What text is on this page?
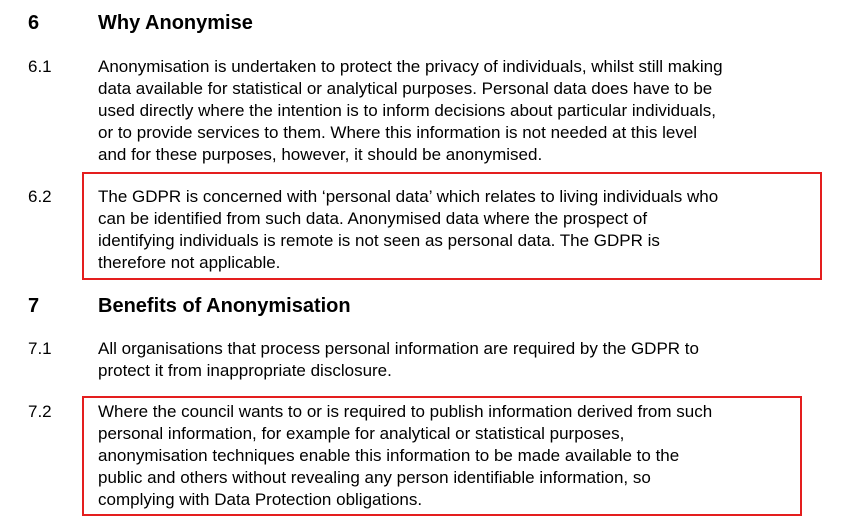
6	Why Anonymise
6.1	Anonymisation is undertaken to protect the privacy of individuals, whilst still making
data available for statistical or analytical purposes. Personal data does have to be
used directly where the intention is to inform decisions about particular individuals,
or to provide services to them. Where this information is not needed at this level
and for these purposes, however, it should be anonymised.
6.2	The GDPR is concerned with ‘personal data’ which relates to living individuals who
can be identified from such data. Anonymised data where the prospect of
identifying individuals is remote is not seen as personal data. The GDPR is
therefore not applicable.
7	Benefits of Anonymisation
7.1	All organisations that process personal information are required by the GDPR to
protect it from inappropriate disclosure.
7.2	Where the council wants to or is required to publish information derived from such
personal information, for example for analytical or statistical purposes,
anonymisation techniques enable this information to be made available to the
public and others without revealing any person identifiable information, so
complying with Data Protection obligations.
